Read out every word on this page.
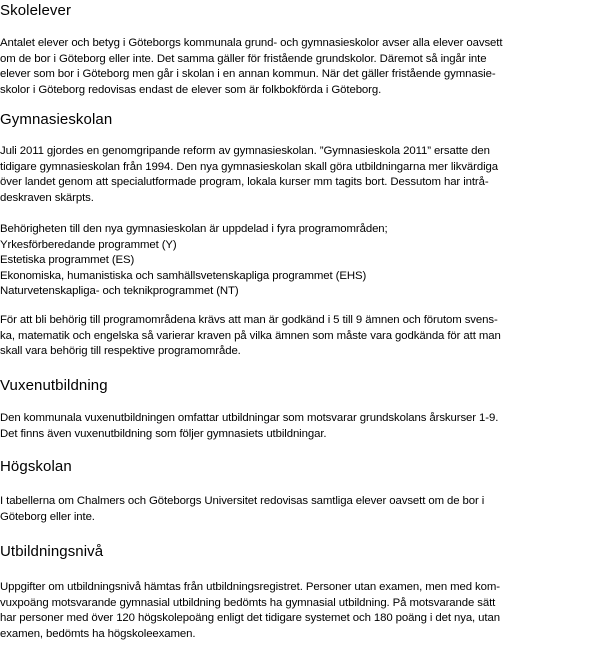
Skolelever

Antalet elever och betyg i Göteborgs kommunala grund- och gymnasieskolor avser alla elever oavsett
om de bor i Göteborg eller inte. Det samma gäller för fristående grundskolor. Däremot så ingår inte
elever som bor i Göteborg men går i skolan i en annan kommun. När det gäller fristående gymnasie-
skolor i Göteborg redovisas endast de elever som är folkbokförda i Göteborg.

Gymnasieskolan

Juli 2011 gjordes en genomgripande reform av gymnasieskolan. ”Gymnasieskola 2011” ersatte den
tidigare gymnasieskolan från 1994. Den nya gymnasieskolan skall göra utbildningarna mer likvärdiga
över landet genom att specialutformade program, lokala kurser mm tagits bort. Dessutom har intrå-
deskraven skärpts.

Behörigheten till den nya gymnasieskolan är uppdelad i fyra programområden;
Yrkesförberedande programmet (Y)
Estetiska programmet (ES)
Ekonomiska, humanistiska och samhällsvetenskapliga programmet (EHS)
Naturvetenskapliga- och teknikprogrammet (NT)

För att bli behörig till programområdena krävs att man är godkänd i 5 till 9 ämnen och förutom svens-
ka, matematik och engelska så varierar kraven på vilka ämnen som måste vara godkända för att man
skall vara behörig till respektive programområde.

Vuxenutbildning

Den kommunala vuxenutbildningen omfattar utbildningar som motsvarar grundskolans årskurser 1-9.
Det finns även vuxenutbildning som följer gymnasiets utbildningar.

Högskolan

I tabellerna om Chalmers och Göteborgs Universitet redovisas samtliga elever oavsett om de bor i
Göteborg eller inte.

Utbildningsnivå

Uppgifter om utbildningsnivå hämtas från utbildningsregistret. Personer utan examen, men med kom-
vuxpoäng motsvarande gymnasial utbildning bedömts ha gymnasial utbildning. På motsvarande sätt
har personer med över 120 högskolepoäng enligt det tidigare systemet och 180 poäng i det nya, utan
examen, bedömts ha högskoleexamen.
